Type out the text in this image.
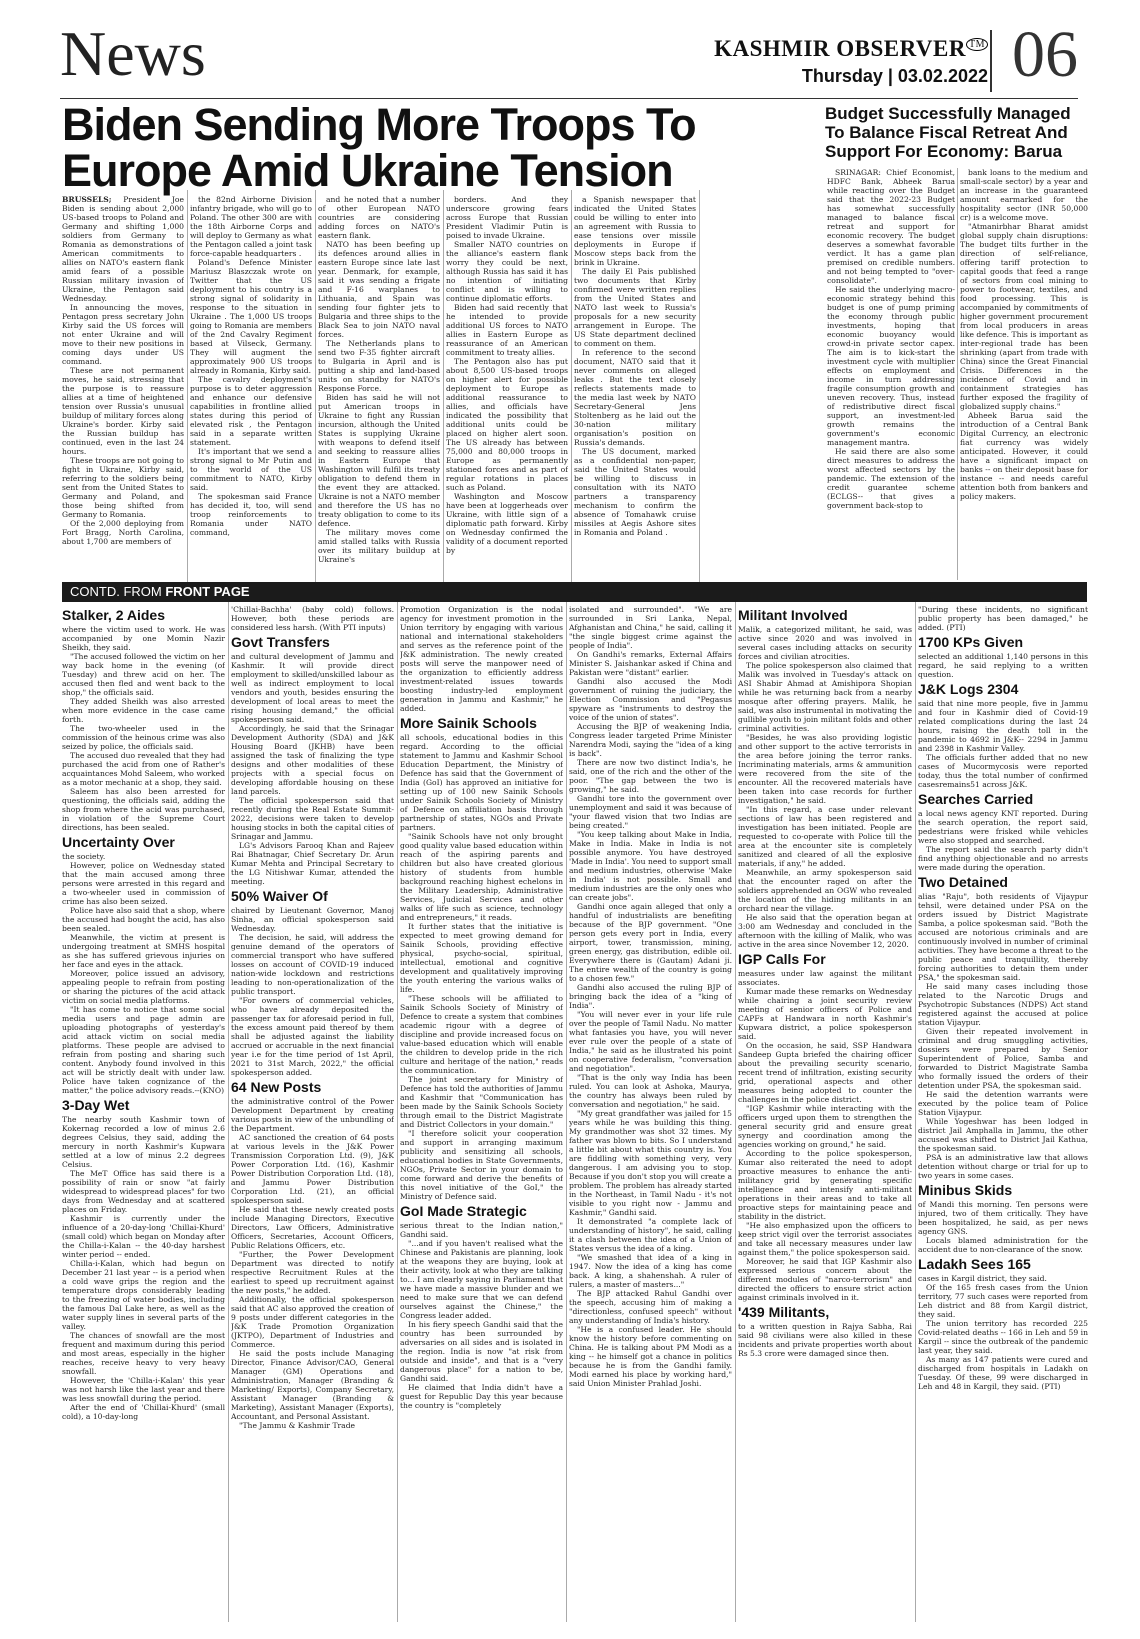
News	KASHMIR OBSERVER ™
Thursday | 03.02.2022 06
Biden Sending More Troops To Europe Amid Ukraine Tension
Budget Successfully Managed To Balance Fiscal Retreat And Support For Economy: Barua

BRUSSELS; President Joe Biden is sending about 2,000 US-based troops to Poland and Germany and shifting 1,000 soldiers from Germany to Romania as demonstrations of American commitments to allies on NATO's eastern flank amid fears of a possible Russian military invasion of Ukraine, the Pentagon said Wednesday.

In announcing the moves, Pentagon press secretary John Kirby said the US forces will not enter Ukraine and will move to their new positions in coming days under US command.

These are not permanent moves, he said, stressing that the purpose is to reassure allies at a time of heightened tension over Russia's unusual buildup of military forces along Ukraine's border. Kirby said the Russian buildup has continued, even in the last 24 hours.

These troops are not going to fight in Ukraine, Kirby said, referring to the soldiers being sent from the United States to Germany and Poland, and those being shifted from Germany to Romania.

Of the 2,000 deploying from Fort Bragg, North Carolina, about 1,700 are members of

the 82nd Airborne Division infantry brigade, who will go to Poland. The other 300 are with the 18th Airborne Corps and will deploy to Germany as what the Pentagon called a joint task force-capable headquarters .

Poland's Defence Minister Mariusz Blaszczak wrote on Twitter that the US deployment to his country is a strong signal of solidarity in response to the situation in Ukraine . The 1,000 US troops going to Romania are members of the 2nd Cavalry Regiment based at Vilseck, Germany. They will augment the approximately 900 US troops already in Romania, Kirby said.

The cavalry deployment's purpose is to deter aggression and enhance our defensive capabilities in frontline allied states during this period of elevated risk , the Pentagon said in a separate written statement.

It's important that we send a strong signal to Mr Putin and to the world of the US commitment to NATO, Kirby said.

The spokesman said France has decided it, too, will send troop reinforcements to Romania under NATO command,

and he noted that a number of other European NATO countries are considering adding forces on NATO's eastern flank.

NATO has been beefing up its defences around allies in eastern Europe since late last year. Denmark, for example, said it was sending a frigate and F-16 warplanes to Lithuania, and Spain was sending four fighter jets to Bulgaria and three ships to the Black Sea to join NATO naval forces.

The Netherlands plans to send two F-35 fighter aircraft to Bulgaria in April and is putting a ship and land-based units on standby for NATO's Response Force.

Biden has said he will not put American troops in Ukraine to fight any Russian incursion, although the United States is supplying Ukraine with weapons to defend itself and seeking to reassure allies in Eastern Europe that Washington will fulfil its treaty obligation to defend them in the event they are attacked. Ukraine is not a NATO member and therefore the US has no treaty obligation to come to its defence.

The military moves come amid stalled talks with Russia over its military buildup at Ukraine's

borders. And they underscore growing fears across Europe that Russian President Vladimir Putin is poised to invade Ukraine.

Smaller NATO countries on the alliance's eastern flank worry they could be next, although Russia has said it has no intention of initiating conflict and is willing to continue diplomatic efforts.

Biden had said recently that he intended to provide additional US forces to NATO allies in Eastern Europe as reassurance of an American commitment to treaty allies.

The Pentagon also has put about 8,500 US-based troops on higher alert for possible deployment to Europe as additional reassurance to allies, and officials have indicated the possibility that additional units could be placed on higher alert soon. The US already has between 75,000 and 80,000 troops in Europe as permanently stationed forces and as part of regular rotations in places such as Poland.

Washington and Moscow have been at loggerheads over Ukraine, with little sign of a diplomatic path forward. Kirby on Wednesday confirmed the validity of a document reported by

a Spanish newspaper that indicated the United States could be willing to enter into an agreement with Russia to ease tensions over missile deployments in Europe if Moscow steps back from the brink in Ukraine.

The daily El Pais published two documents that Kirby confirmed were written replies from the United States and NATO last week to Russia's proposals for a new security arrangement in Europe. The US State department declined to comment on them.

In reference to the second document, NATO said that it never comments on alleged leaks . But the text closely reflects statements made to the media last week by NATO Secretary-General Jens Stoltenberg as he laid out the 30-nation military organisation's position on Russia's demands.

The US document, marked as a confidential non-paper, said the United States would be willing to discuss in consultation with its NATO partners a transparency mechanism to confirm the absence of Tomahawk cruise missiles at Aegis Ashore sites in Romania and Poland .

SRINAGAR: Chief Economist, HDFC Bank, Abheek Barua while reacting over the Budget said that the 2022-23 Budget has somewhat successfully managed to balance fiscal retreat and support for economic recovery. The budget deserves a somewhat favorable verdict. It has a game plan premised on credible numbers. and not being tempted to "over-consolidate".

He said the underlying macro-economic strategy behind this budget is one of pump priming the economy through public investments, hoping that economic buoyancy would crowd-in private sector capex. The aim is to kick-start the investment cycle with multiplier effects on employment and income in turn addressing fragile consumption growth and uneven recovery. Thus, instead of redistributive direct fiscal support, an investment-led growth remains the government's economic management mantra.

He said there are also some direct measures to address the worst affected sectors by the pandemic. The extension of the credit guarantee scheme (ECLGS-- that gives a government back-stop to

bank loans to the medium and small-scale sector) by a year and an increase in the guaranteed amount earmarked for the hospitality sector (INR 50,000 cr) is a welcome move.

"Atmanirbhar Bharat amidst global supply chain disruptions: The budget tilts further in the direction of self-reliance, offering tariff protection to capital goods that feed a range of sectors from coal mining to power to footwear, textiles, and food processing. This is accompanied by commitments of higher government procurement from local producers in areas like defence. This is important as inter-regional trade has been shrinking (apart from trade with China) since the Great Financial Crisis. Differences in the incidence of Covid and in containment strategies has further exposed the fragility of globalized supply chains."

Abheek Barua said the introduction of a Central Bank Digital Currency, an electronic fiat currency was widely anticipated. However, it could have a significant impact on banks -- on their deposit base for instance -- and needs careful attention both from bankers and policy makers.

CONTD. FROM FRONT PAGE
Stalker, 2 Aides

where the victim used to work. He was accompanied by one Momin Nazir Sheikh, they said.

"The accused followed the victim on her way back home in the evening (of Tuesday) and threw acid on her. The accused then fled and went back to the shop," the officials said.

They added Sheikh was also arrested when more evidence in the case came forth.

The two-wheeler used in the commission of the heinous crime was also seized by police, the officials said.

The accused duo revealed that they had purchased the acid from one of Rather's acquaintances Mohd Saleem, who worked as a motor mechanic at a shop, they said.

Saleem has also been arrested for questioning, the officials said, adding the shop from where the acid was purchased, in violation of the Supreme Court directions, has been sealed.

Uncertainty Over

the society.

However, police on Wednesday stated that the main accused among three persons were arrested in this regard and a two-wheeler used in commission of crime has also been seized.

Police have also said that a shop, where the accused had bought the acid, has also been sealed.

Meanwhile, the victim at present is undergoing treatment at SMHS hospital as she has suffered grievous injuries on her face and eyes in the attack.

Moreover, police issued an advisory, appealing people to refrain from posting or sharing the pictures of the acid attack victim on social media platforms.

"It has come to notice that some social media users and page admin are uploading photographs of yesterday's acid attack victim on social media platforms. These people are advised to refrain from posting and sharing such content. Anybody found involved in this act will be strictly dealt with under law. Police have taken cognizance of the matter," the police advisory reads.--(KNO)

3-Day Wet

The nearby south Kashmir town of Kokernag recorded a low of minus 2.6 degrees Celsius, they said, adding the mercury in north Kashmir's Kupwara settled at a low of minus 2.2 degrees Celsius.

The MeT Office has said there is a possibility of rain or snow "at fairly widespread to widespread places" for two days from Wednesday and at scattered places on Friday.

Kashmir is currently under the influence of a 20-day-long 'Chillai-Khurd' (small cold) which began on Monday after the Chilla-i-Kalan -- the 40-day harshest winter period -- ended.

Chilla-i-Kalan, which had begun on December 21 last year -- is a period when a cold wave grips the region and the temperature drops considerably leading to the freezing of water bodies, including the famous Dal Lake here, as well as the water supply lines in several parts of the valley.

The chances of snowfall are the most frequent and maximum during this period and most areas, especially in the higher reaches, receive heavy to very heavy snowfall.

However, the 'Chilla-i-Kalan' this year was not harsh like the last year and there was less snowfall during the period.

After the end of 'Chillai-Khurd' (small cold), a 10-day-long

'Chillai-Bachha' (baby cold) follows. However, both these periods are considered less harsh. (With PTI inputs)

Govt Transfers

and cultural development of Jammu and Kashmir. It will provide direct employment to skilled/unskilled labour as well as indirect employment to local vendors and youth, besides ensuring the development of local areas to meet the rising housing demand," the official spokesperson said.

Accordingly, he said that the Srinagar Development Authority (SDA) and J&K Housing Board (JKHB) have been assigned the task of finalizing the type designs and other modalities of these projects with a special focus on developing affordable housing on these land parcels.

The official spokesperson said that recently during the Real Estate Summit-2022, decisions were taken to develop housing stocks in both the capital cities of Srinagar and Jammu.

LG's Advisors Farooq Khan and Rajeev Rai Bhatnagar, Chief Secretary Dr. Arun Kumar Mehta and Principal Secretary to the LG Nitishwar Kumar, attended the meeting.

50% Waiver Of

chaired by Lieutenant Governor, Manoj Sinha, an official spokesperson said Wednesday.

The decision, he said, will address the genuine demand of the operators of commercial transport who have suffered losses on account of COVID-19 induced nation-wide lockdown and restrictions leading to non-operationalization of the public transport.

"For owners of commercial vehicles, who have already deposited the passenger tax for aforesaid period in full, the excess amount paid thereof by them shall be adjusted against the liability accrued or accruable in the next financial year i.e for the time period of 1st April, 2021 to 31st March, 2022," the official spokesperson added.

64 New Posts

the administrative control of the Power Development Department by creating various posts in view of the unbundling of the Department.

AC sanctioned the creation of 64 posts at various levels in the J&K Power Transmission Corporation Ltd. (9), J&K Power Corporation Ltd. (16), Kashmir Power Distribution Corporation Ltd. (18), and Jammu Power Distribution Corporation Ltd. (21), an official spokesperson said.

He said that these newly created posts include Managing Directors, Executive Directors, Law Officers, Administrative Officers, Secretaries, Account Officers, Public Relations Officers, etc.

"Further, the Power Development Department was directed to notify respective Recruitment Rules at the earliest to speed up recruitment against the new posts," he added.

Additionally, the official spokesperson said that AC also approved the creation of 9 posts under different categories in the J&K Trade Promotion Organization (JKTPO), Department of Industries and Commerce.

He said the posts include Managing Director, Finance Advisor/CAO, General Manager (GM) Operations and Administration, Manager (Branding & Marketing/ Exports), Company Secretary, Assistant Manager (Branding & Marketing), Assistant Manager (Exports), Accountant, and Personal Assistant.

"The Jammu & Kashmir Trade

Promotion Organization is the nodal agency for investment promotion in the Union territory by engaging with various national and international stakeholders and serves as the reference point of the J&K administration. The newly created posts will serve the manpower need of the organization to efficiently address investment-related issues towards boosting industry-led employment generation in Jammu and Kashmir," he added.

More Sainik Schools

all schools, educational bodies in this regard. According to the official statement to Jammu and Kashmir School Education Department, the Ministry of Defence has said that the Government of India (GoI) has approved an initiative for setting up of 100 new Sainik Schools under Sainik Schools Society of Ministry of Defence on affiliation basis through partnership of states, NGOs and Private partners.

"Sainik Schools have not only brought good quality value based education within reach of the aspiring parents and children but also have created glorious history of students from humble background reaching highest echelons in the Military Leadership, Administrative Services, Judicial Services and other walks of life such as science, technology and entrepreneurs," it reads.

It further states that the initiative is expected to meet growing demand for Sainik Schools, providing effective physical, psycho-social, spiritual, intellectual, emotional and cognitive development and qualitatively improving the youth entering the various walks of life.

"These schools will be affiliated to Sainik Schools Society of Ministry of Defence to create a system that combines academic rigour with a degree of discipline and provide increased focus on value-based education which will enable the children to develop pride in the rich culture and heritage of the nation," reads the communication.

The joint secretary for Ministry of Defence has told the authorities of Jammu and Kashmir that "Communication has been made by the Sainik Schools Society through email to the District Magistrate and District Collectors in your domain."

"I therefore solicit your cooperation and support in arranging maximum publicity and sensitizing all schools, educational bodies in State Governments, NGOs, Private Sector in your domain to come forward and derive the benefits of this novel initiative of the GoI," the Ministry of Defence said.

GoI Made Strategic

serious threat to the Indian nation," Gandhi said.

"...and if you haven't realised what the Chinese and Pakistanis are planning, look at the weapons they are buying, look at their activity, look at who they are talking to... I am clearly saying in Parliament that we have made a massive blunder and we need to make sure that we can defend ourselves against the Chinese," the Congress leader added.

In his fiery speech Gandhi said that the country has been surrounded by adversaries on all sides and is isolated in the region. India is now "at risk from outside and inside", and that is a "very dangerous place" for a nation to be, Gandhi said.

He claimed that India didn't have a guest for Republic Day this year because the country is "completely

isolated and surrounded". "We are surrounded in Sri Lanka, Nepal, Afghanistan and China," he said, calling it "the single biggest crime against the people of India".

On Gandhi's remarks, External Affairs Minister S. Jaishankar asked if China and Pakistan were "distant" earlier.

Gandhi also accused the Modi government of ruining the judiciary, the Election Commission and "Pegasus spyware as "instruments to destroy the voice of the union of states".

Accusing the BJP of weakening India, Congress leader targeted Prime Minister Narendra Modi, saying the "idea of a king is back".

There are now two distinct India's, he said, one of the rich and the other of the poor. "The gap between the two is growing," he said.

Gandhi tore into the government over unemployment and said it was because of "your flawed vision that two Indias are being created."

"You keep talking about Make in India, Make in India. Make in India is not possible anymore. You have destroyed 'Made in India'. You need to support small and medium industries, otherwise 'Make in India' is not possible. Small and medium industries are the only ones who can create jobs".

Gandhi once again alleged that only a handful of industrialists are benefiting because of the BJP government. "One person gets every port in India, every airport, tower, transmission, mining, green energy, gas distribution, edible oil. Everywhere there is (Gautam) Adani ji. The entire wealth of the country is going to a chosen few."

Gandhi also accused the ruling BJP of bringing back the idea of a "king of India".

"You will never ever in your life rule over the people of Tamil Nadu. No matter what fantasies you have, you will never ever rule over the people of a state of India," he said as he illustrated his point on cooperative federalism, "conversation and negotiation".

"That is the only way India has been ruled. You can look at Ashoka, Maurya, the country has always been ruled by conversation and negotiation," he said.

"My great grandfather was jailed for 15 years while he was building this thing. My grandmother was shot 32 times. My father was blown to bits. So I understand a little bit about what this country is. You are fiddling with something very, very dangerous. I am advising you to stop. Because if you don't stop you will create a problem. The problem has already started in the Northeast, in Tamil Nadu - it's not visible to you right now - Jammu and Kashmir," Gandhi said.

It demonstrated "a complete lack of understanding of history", he said, calling it a clash between the idea of a Union of States versus the idea of a king.

"We smashed that idea of a king in 1947. Now the idea of a king has come back. A king, a shahenshah. A ruler of rulers, a master of masters..."

The BJP attacked Rahul Gandhi over the speech, accusing him of making a "directionless, confused speech" without any understanding of India's history.

"He is a confused leader. He should know the history before commenting on China. He is talking about PM Modi as a king -- he himself got a chance in politics because he is from the Gandhi family. Modi earned his place by working hard," said Union Minister Prahlad Joshi.

Militant Involved

Malik, a categorized militant, he said, was active since 2020 and was involved in several cases including attacks on security forces and civilian atrocities.

The police spokesperson also claimed that Malik was involved in Tuesday's attack on ASI Shabir Ahmad at Amishipora Shopian while he was returning back from a nearby mosque after offering prayers. Malik, he said, was also instrumental in motivating the gullible youth to join militant folds and other criminal activities.

"Besides, he was also providing logistic and other support to the active terrorists in the area before joining the terror ranks. Incriminating materials, arms & ammunition were recovered from the site of the encounter. All the recovered materials have been taken into case records for further investigation," he said.

"In this regard, a case under relevant sections of law has been registered and investigation has been initiated. People are requested to co-operate with Police till the area at the encounter site is completely sanitized and cleared of all the explosive materials, if any," he added.

Meanwhile, an army spokesperson said that the encounter raged on after the soldiers apprehended an OGW who revealed the location of the hiding militants in an orchard near the village.

He also said that the operation began at 3:00 am Wednesday and concluded in the afternoon with the killing of Malik, who was active in the area since November 12, 2020.

IGP Calls For

measures under law against the militant associates.

Kumar made these remarks on Wednesday while chairing a joint security review meeting of senior officers of Police and CAPFs at Handwara in north Kashmir's Kupwara district, a police spokesperson said.

On the occasion, he said, SSP Handwara Sandeep Gupta briefed the chairing officer about the prevailing security scenario, recent trend of infiltration, existing security grid, operational aspects and other measures being adopted to counter the challenges in the police district.

"IGP Kashmir while interacting with the officers urged upon them to strengthen the general security grid and ensure great synergy and coordination among the agencies working on ground," he said.

According to the police spokesperson, Kumar also reiterated the need to adopt proactive measures to enhance the anti-militancy grid by generating specific intelligence and intensify anti-militant operations in their areas and to take all proactive steps for maintaining peace and stability in the district.

"He also emphasized upon the officers to keep strict vigil over the terrorist associates and take all necessary measures under law against them," the police spokesperson said.

Moreover, he said that IGP Kashmir also expressed serious concern about the different modules of "narco-terrorism" and directed the officers to ensure strict action against criminals involved in it.

'439 Militants,

to a written question in Rajya Sabha, Rai said 98 civilians were also killed in these incidents and private properties worth about Rs 5.3 crore were damaged since then.

"During these incidents, no significant public property has been damaged," he added. (PTI)

1700 KPs Given

selected an additional 1,140 persons in this regard, he said replying to a written question.

J&K Logs 2304

said that nine more people, five in Jammu and four in Kashmir died of Covid-19 related complications during the last 24 hours, raising the death toll in the pandemic to 4692 in J&K-- 2294 in Jammu and 2398 in Kashmir Valley.

The officials further added that no new cases of Mucormycosis were reported today, thus the total number of confirmed casesremains51 across J&K.

Searches Carried

a local news agency KNT reported. During the search operation, the report said, pedestrians were frisked while vehicles were also stopped and searched.

The report said the search party didn't find anything objectionable and no arrests were made during the operation.

Two Detained

alias "Raju", both residents of Vijaypur tehsil, were detained under PSA on the orders issued by District Magistrate Samba, a police spokesman said. "Both the accused are notorious criminals and are continuously involved in number of criminal activities. They have become a threat to the public peace and tranquillity, thereby forcing authorities to detain them under PSA," the spokesman said.

He said many cases including those related to the Narcotic Drugs and Psychotropic Substances (NDPS) Act stand registered against the accused at police station Vijaypur.

Given their repeated involvement in criminal and drug smuggling activities, dossiers were prepared by Senior Superintendent of Police, Samba and forwarded to District Magistrate Samba who formally issued the orders of their detention under PSA, the spokesman said.

He said the detention warrants were executed by the police team of Police Station Vijaypur.

While Yogeshwar has been lodged in district Jail Amphalla in Jammu, the other accused was shifted to District Jail Kathua, the spokesman said.

PSA is an administrative law that allows detention without charge or trial for up to two years in some cases.

Minibus Skids

of Mandi this morning. Ten persons were injured, two of them critically. They have been hospitalized, he said, as per news agency GNS.

Locals blamed administration for the accident due to non-clearance of the snow.

Ladakh Sees 165

cases in Kargil district, they said.

Of the 165 fresh cases from the Union territory, 77 such cases were reported from Leh district and 88 from Kargil district, they said.

The union territory has recorded 225 Covid-related deaths -- 166 in Leh and 59 in Kargil -- since the outbreak of the pandemic last year, they said.

As many as 147 patients were cured and discharged from hospitals in Ladakh on Tuesday. Of these, 99 were discharged in Leh and 48 in Kargil, they said. (PTI)
